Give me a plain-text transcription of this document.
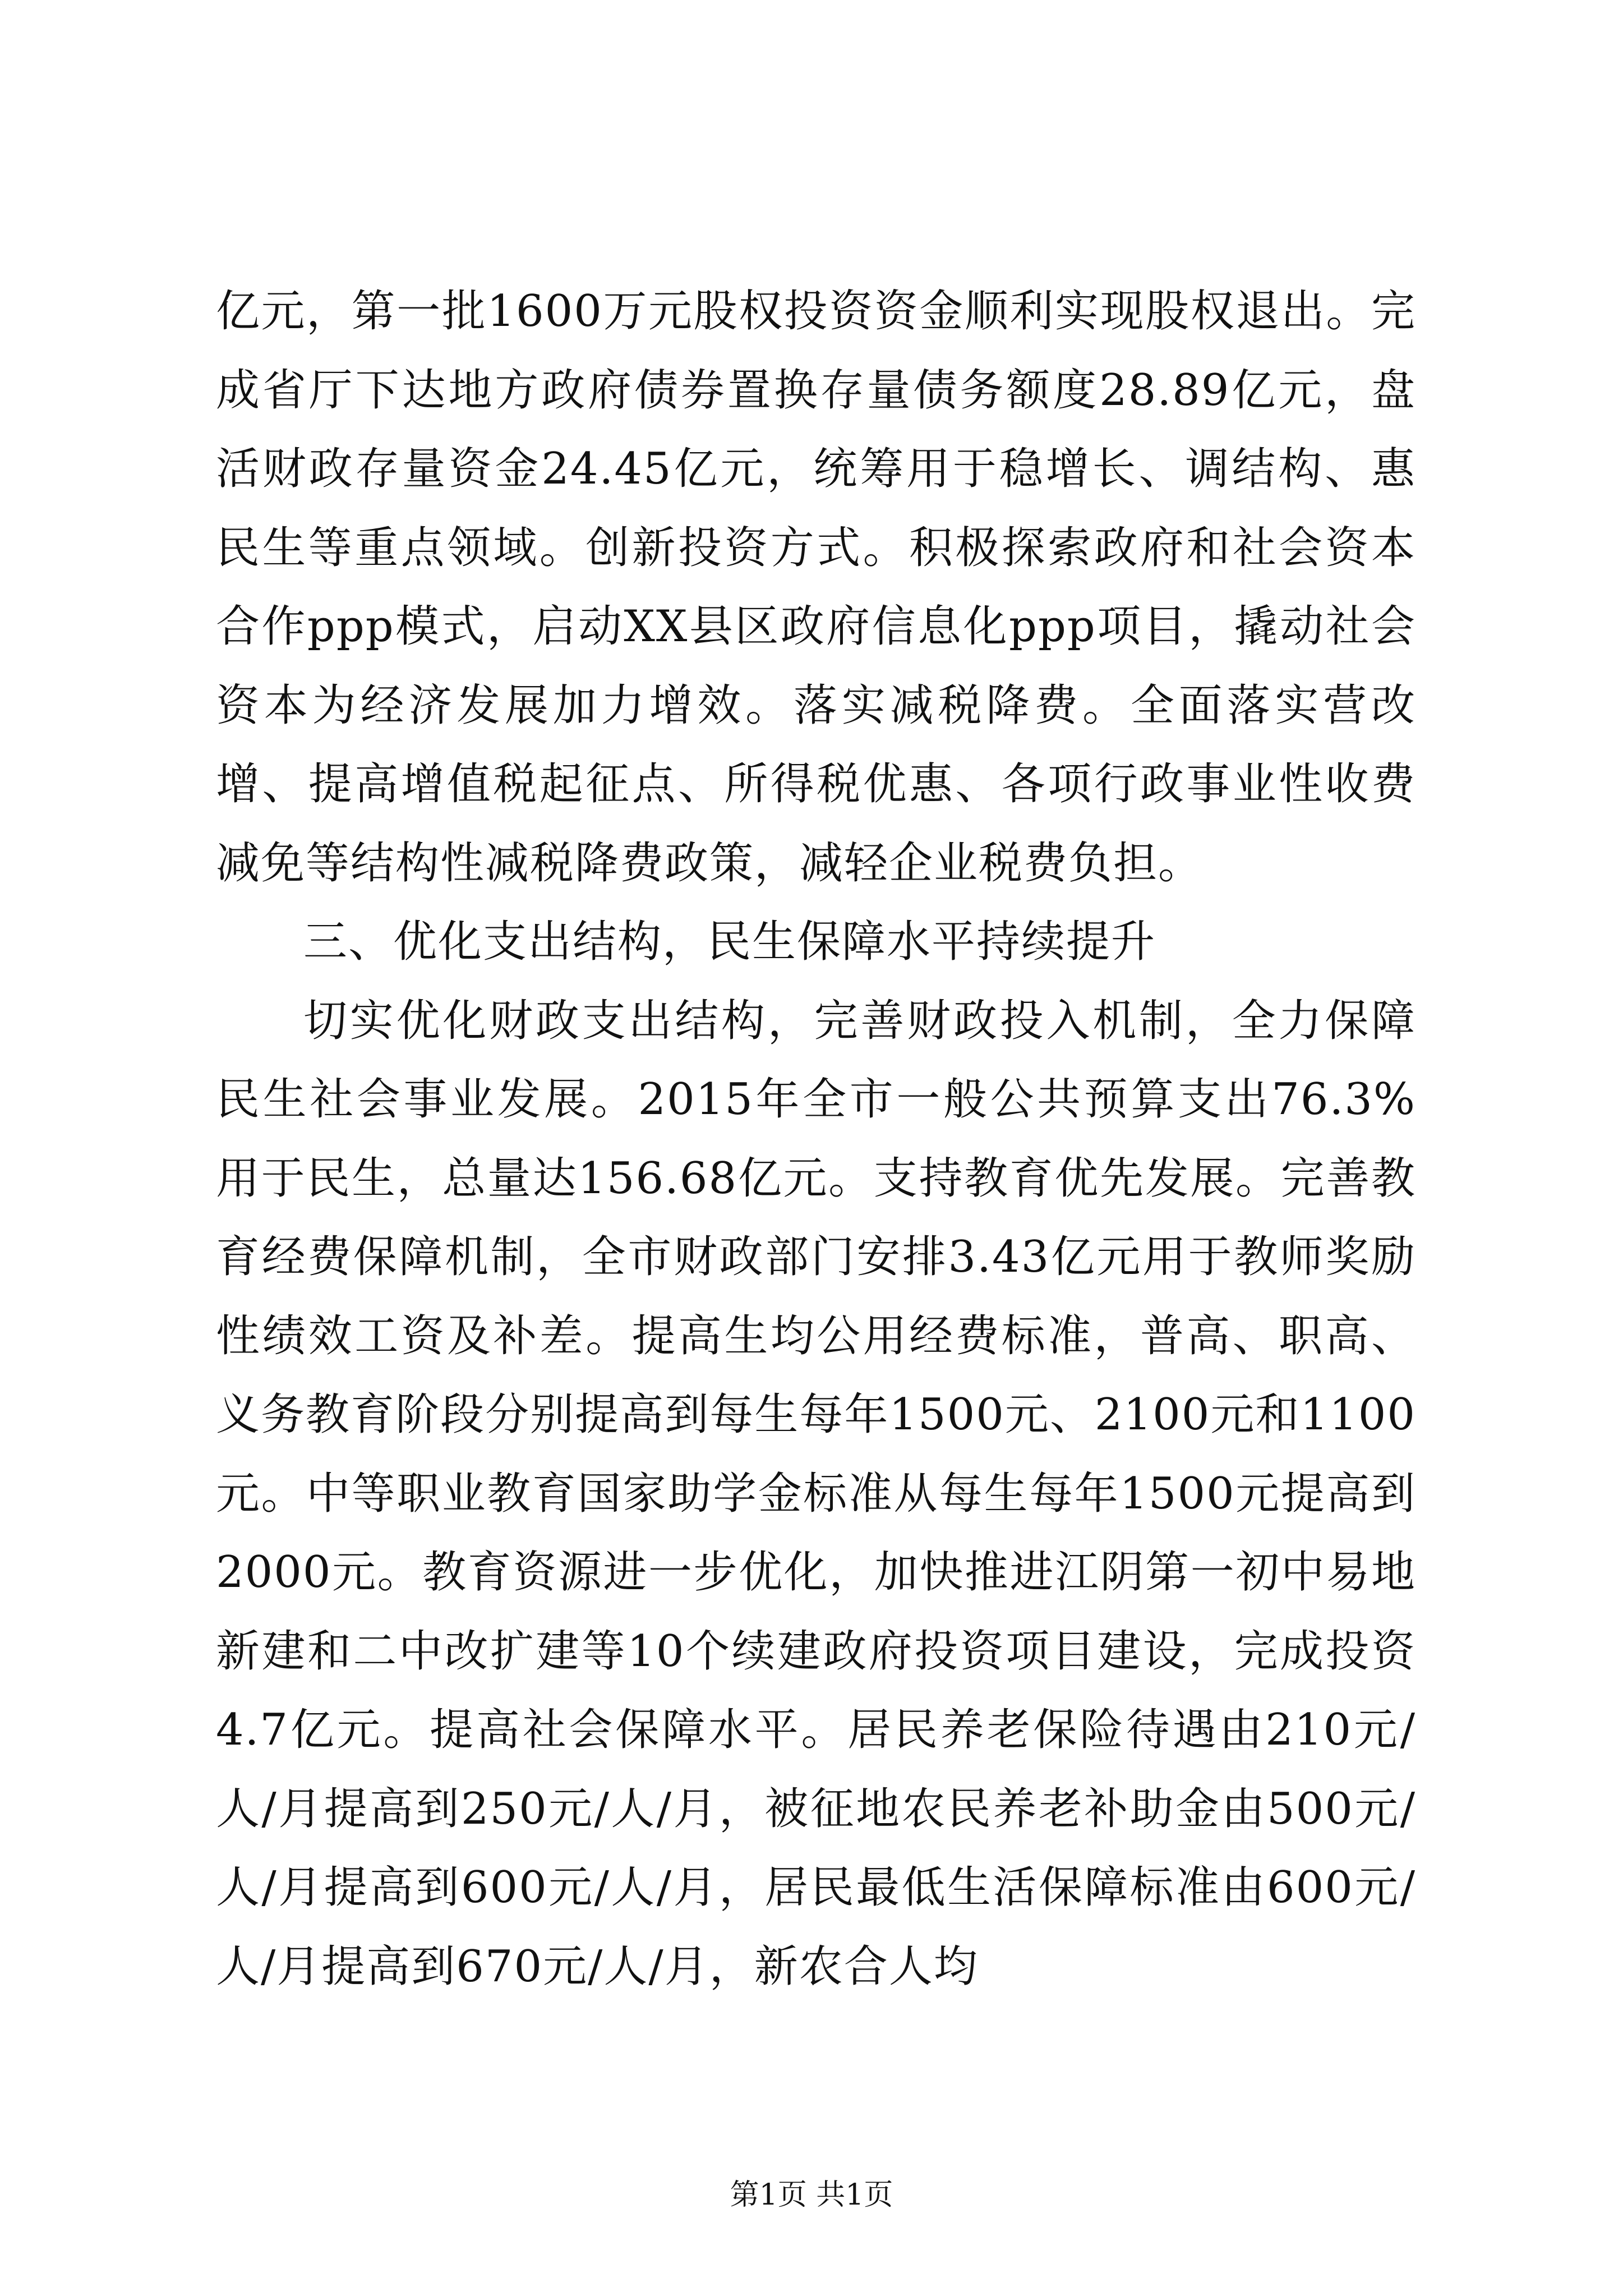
亿元，第一批1600万元股权投资资金顺利实现股权退出。完成省厅下达地方政府债券置换存量债务额度28.89亿元，盘活财政存量资金24.45亿元，统筹用于稳增长、调结构、惠民生等重点领域。创新投资方式。积极探索政府和社会资本合作ppp模式，启动XX县区政府信息化ppp项目，撬动社会资本为经济发展加力增效。落实减税降费。全面落实营改增、提高增值税起征点、所得税优惠、各项行政事业性收费减免等结构性减税降费政策，减轻企业税费负担。

三、优化支出结构，民生保障水平持续提升

切实优化财政支出结构，完善财政投入机制，全力保障民生社会事业发展。2015年全市一般公共预算支出76.3%用于民生，总量达156.68亿元。支持教育优先发展。完善教育经费保障机制，全市财政部门安排3.43亿元用于教师奖励性绩效工资及补差。提高生均公用经费标准，普高、职高、义务教育阶段分别提高到每生每年1500元、2100元和1100元。中等职业教育国家助学金标准从每生每年1500元提高到2000元。教育资源进一步优化，加快推进江阴第一初中易地新建和二中改扩建等10个续建政府投资项目建设，完成投资4.7亿元。提高社会保障水平。居民养老保险待遇由210元/人/月提高到250元/人/月，被征地农民养老补助金由500元/人/月提高到600元/人/月，居民最低生活保障标准由600元/人/月提高到670元/人/月，新农合人均

第1页 共1页
